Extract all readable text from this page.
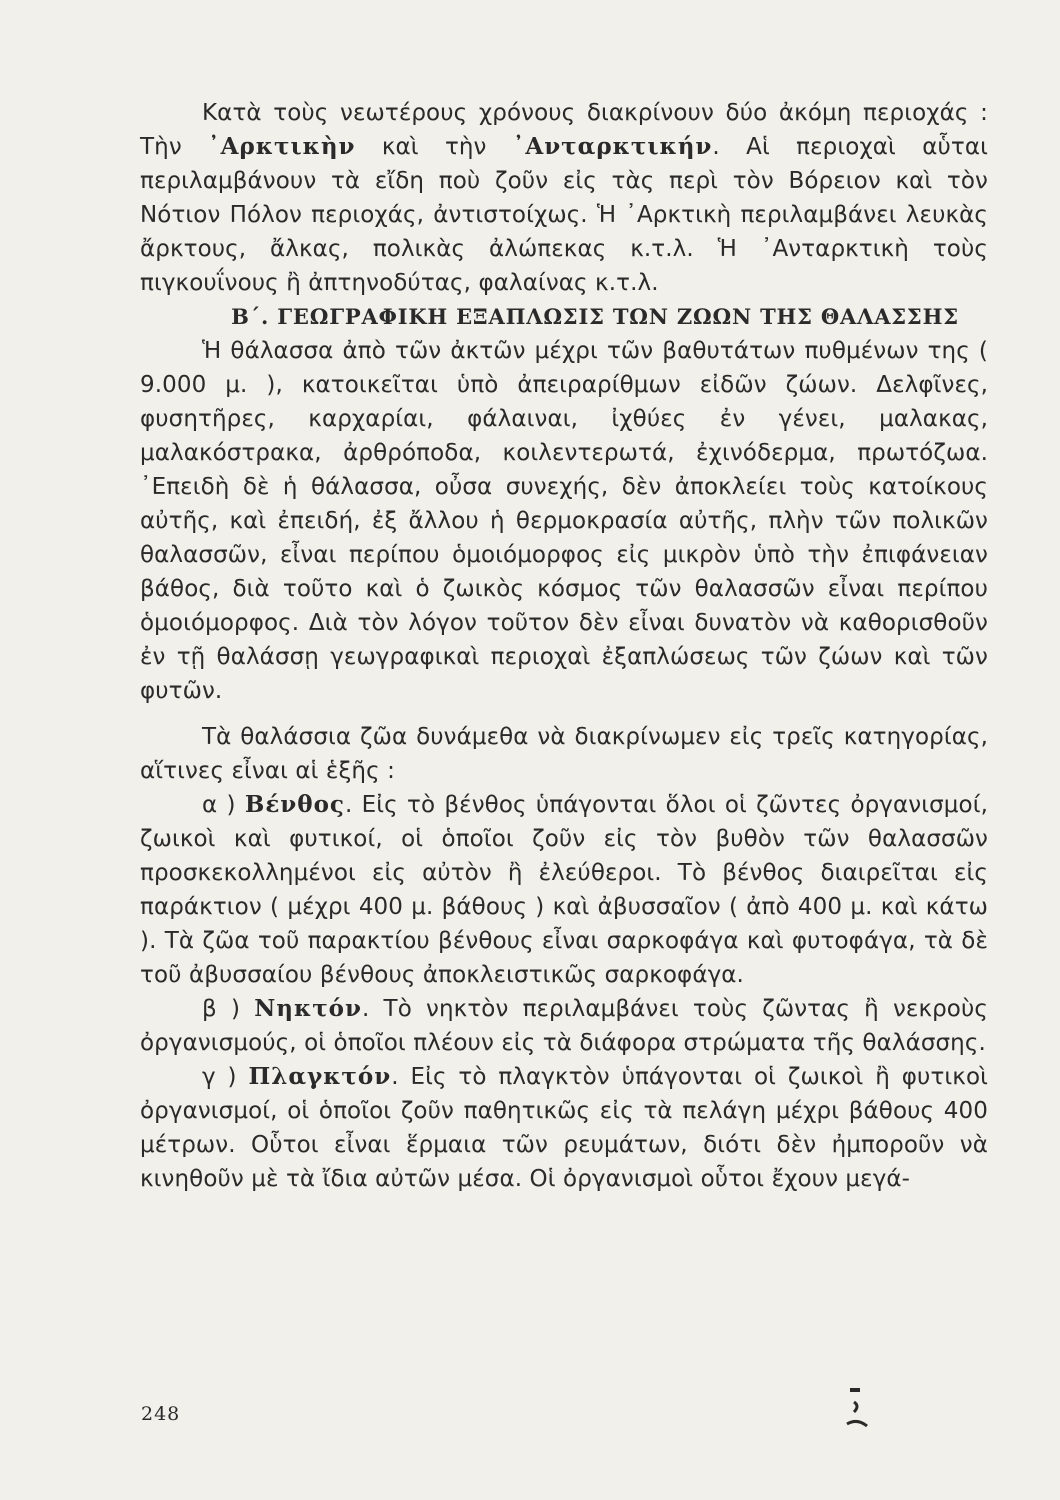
Κατὰ τοὺς νεωτέρους χρόνους διακρίνουν δύο ἀκόμη περιοχάς : Τὴν ᾿Αρκτικὴν καὶ τὴν ᾿Ανταρκτικήν. Αἱ περιοχαὶ αὗται περιλαμβάνουν τὰ εἴδη ποὺ ζοῦν εἰς τὰς περὶ τὸν Βόρειον καὶ τὸν Νότιον Πόλον περιοχάς, ἀντιστοίχως. Ἡ ᾿Αρκτικὴ περιλαμβάνει λευκὰς ἄρκτους, ἄλκας, πολικὰς ἀλώπεκας κ.τ.λ. Ἡ ᾿Ανταρκτικὴ τοὺς πιγκουΐνους ἢ ἀπτηνοδύτας, φαλαίνας κ.τ.λ.

Β΄. ΓΕΩΓΡΑΦΙΚΗ ΕΞΑΠΛΩΣΙΣ ΤΩΝ ΖΩΩΝ ΤΗΣ ΘΑΛΑΣΣΗΣ

Ἡ θάλασσα ἀπὸ τῶν ἀκτῶν μέχρι τῶν βαθυτάτων πυθμένων της ( 9.000 μ. ), κατοικεῖται ὑπὸ ἀπειραρίθμων εἰδῶν ζώων. Δελφῖνες, φυσητῆρες, καρχαρίαι, φάλαιναι, ἰχθύες ἐν γένει, μαλακας, μαλακόστρακα, ἀρθρόποδα, κοιλεντερωτά, ἐχινόδερμα, πρωτόζωα. ᾿Επειδὴ δὲ ἡ θάλασσα, οὖσα συνεχής, δὲν ἀποκλείει τοὺς κατοίκους αὐτῆς, καὶ ἐπειδή, ἐξ ἄλλου ἡ θερμοκρασία αὐτῆς, πλὴν τῶν πολικῶν θαλασσῶν, εἶναι περίπου ὁμοιόμορφος εἰς μικρὸν ὑπὸ τὴν ἐπιφάνειαν βάθος, διὰ τοῦτο καὶ ὁ ζωικὸς κόσμος τῶν θαλασσῶν εἶναι περίπου ὁμοιόμορφος. Διὰ τὸν λόγον τοῦτον δὲν εἶναι δυνατὸν νὰ καθορισθοῦν ἐν τῇ θαλάσσῃ γεωγραφικαὶ περιοχαὶ ἐξαπλώσεως τῶν ζώων καὶ τῶν φυτῶν.

Τὰ θαλάσσια ζῶα δυνάμεθα νὰ διακρίνωμεν εἰς τρεῖς κατηγορίας, αἵτινες εἶναι αἱ ἑξῆς :

α ) Βένθος. Εἰς τὸ βένθος ὑπάγονται ὅλοι οἱ ζῶντες ὀργανισμοί, ζωικοὶ καὶ φυτικοί, οἱ ὁποῖοι ζοῦν εἰς τὸν βυθὸν τῶν θαλασσῶν προσκεκολλημένοι εἰς αὐτὸν ἢ ἐλεύθεροι. Τὸ βένθος διαιρεῖται εἰς παράκτιον ( μέχρι 400 μ. βάθους ) καὶ ἀβυσσαῖον ( ἀπὸ 400 μ. καὶ κάτω ). Τὰ ζῶα τοῦ παρακτίου βένθους εἶναι σαρκοφάγα καὶ φυτοφάγα, τὰ δὲ τοῦ ἀβυσσαίου βένθους ἀποκλειστικῶς σαρκοφάγα.

β ) Νηκτόν. Τὸ νηκτὸν περιλαμβάνει τοὺς ζῶντας ἢ νεκροὺς ὀργανισμούς, οἱ ὁποῖοι πλέουν εἰς τὰ διάφορα στρώματα τῆς θαλάσσης.

γ ) Πλαγκτόν. Εἰς τὸ πλαγκτὸν ὑπάγονται οἱ ζωικοὶ ἢ φυτικοὶ ὀργανισμοί, οἱ ὁποῖοι ζοῦν παθητικῶς εἰς τὰ πελάγη μέχρι βάθους 400 μέτρων. Οὗτοι εἶναι ἕρμαια τῶν ρευμάτων, διότι δὲν ἠμποροῦν νὰ κινηθοῦν μὲ τὰ ἴδια αὐτῶν μέσα. Οἱ ὀργανισμοὶ οὗτοι ἔχουν μεγά-

248
